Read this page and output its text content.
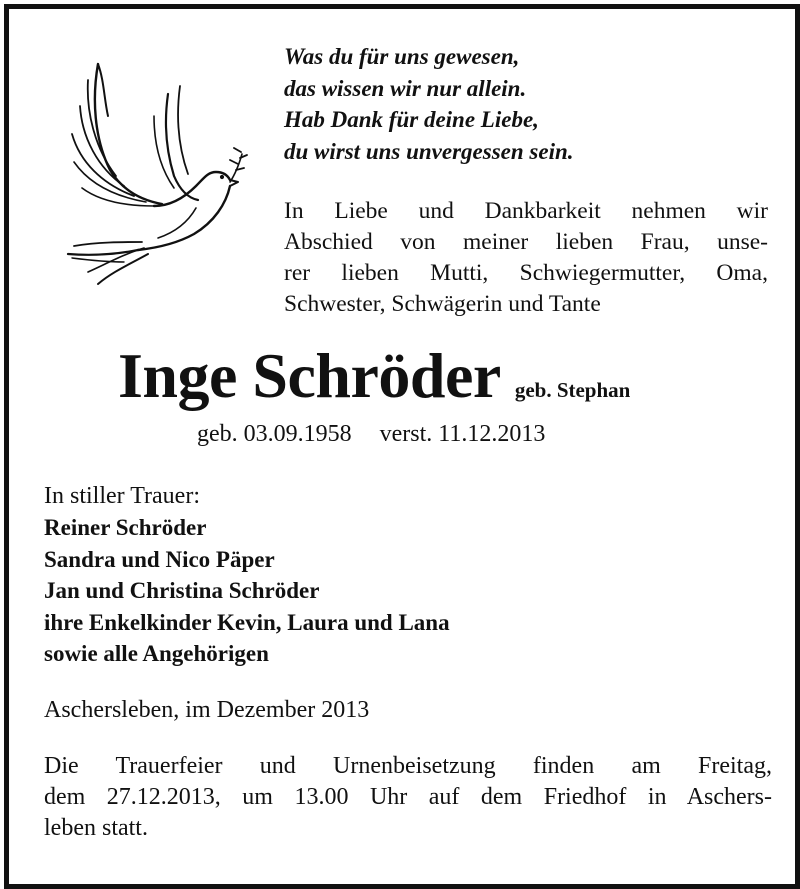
Was du für uns gewesen,
das wissen wir nur allein.
Hab Dank für deine Liebe,
du wirst uns unvergessen sein.
In Liebe und Dankbarkeit nehmen wir
Abschied von meiner lieben Frau, unse-
rer lieben Mutti, Schwiegermutter, Oma,
Schwester, Schwägerin und Tante
Inge Schröder geb. Stephan
geb. 03.09.1958 verst. 11.12.2013
In stiller Trauer:
Reiner Schröder
Sandra und Nico Päper
Jan und Christina Schröder
ihre Enkelkinder Kevin, Laura und Lana
sowie alle Angehörigen
Aschersleben, im Dezember 2013
Die Trauerfeier und Urnenbeisetzung finden am Freitag,
dem 27.12.2013, um 13.00 Uhr auf dem Friedhof in Aschers-
leben statt.
